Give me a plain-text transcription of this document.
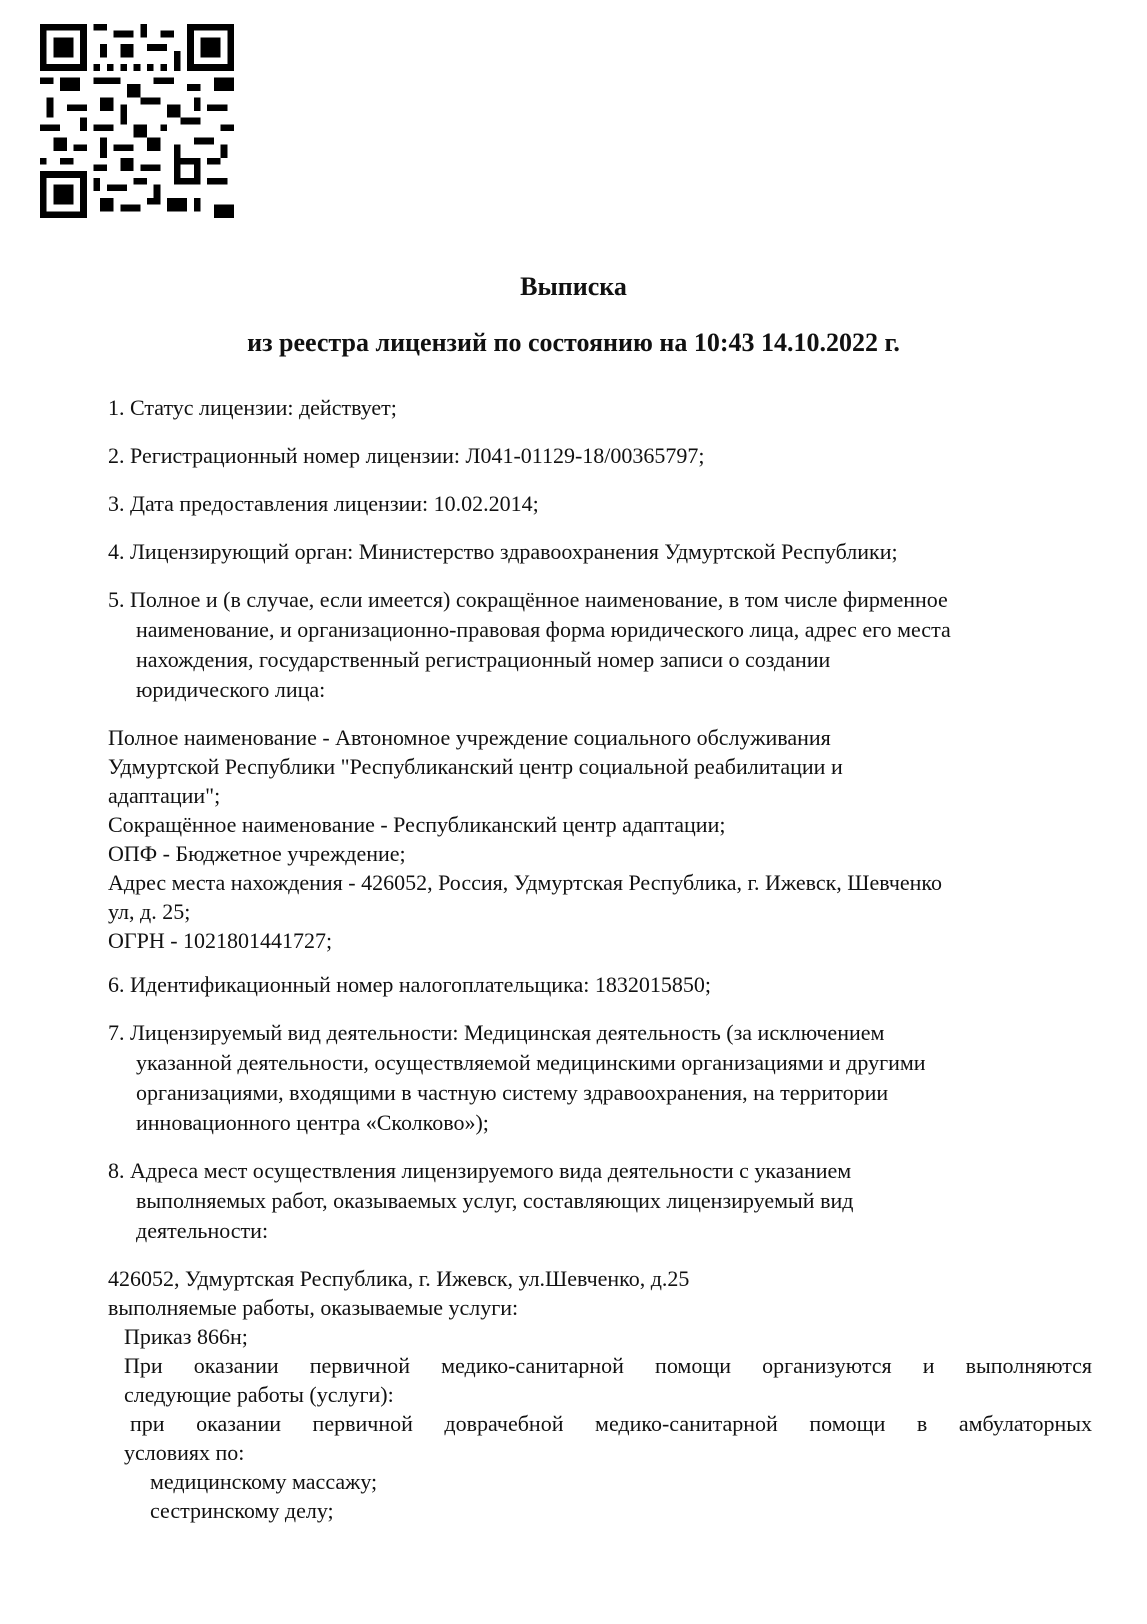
Выписка
из реестра лицензий по состоянию на 10:43 14.10.2022 г.
1. Статус лицензии: действует;
2. Регистрационный номер лицензии: Л041-01129-18/00365797;
3. Дата предоставления лицензии: 10.02.2014;
4. Лицензирующий орган: Министерство здравоохранения Удмуртской Республики;
5. Полное и (в случае, если имеется) сокращённое наименование, в том числе фирменное
наименование, и организационно-правовая форма юридического лица, адрес его места
нахождения, государственный регистрационный номер записи о создании
юридического лица:
Полное наименование - Автономное учреждение социального обслуживания
Удмуртской Республики "Республиканский центр социальной реабилитации и
адаптации";
Сокращённое наименование - Республиканский центр адаптации;
ОПФ - Бюджетное учреждение;
Адрес места нахождения - 426052, Россия, Удмуртская Республика, г. Ижевск, Шевченко
ул, д. 25;
ОГРН - 1021801441727;
6. Идентификационный номер налогоплательщика: 1832015850;
7. Лицензируемый вид деятельности: Медицинская деятельность (за исключением
указанной деятельности, осуществляемой медицинскими организациями и другими
организациями, входящими в частную систему здравоохранения, на территории
инновационного центра «Сколково»);
8. Адреса мест осуществления лицензируемого вида деятельности с указанием
выполняемых работ, оказываемых услуг, составляющих лицензируемый вид
деятельности:
426052, Удмуртская Республика, г. Ижевск, ул.Шевченко, д.25
выполняемые работы, оказываемые услуги:
Приказ 866н;
При оказании первичной медико-санитарной помощи организуются и выполняются
следующие работы (услуги):
при оказании первичной доврачебной медико-санитарной помощи в амбулаторных
условиях по:
медицинскому массажу;
сестринскому делу;
